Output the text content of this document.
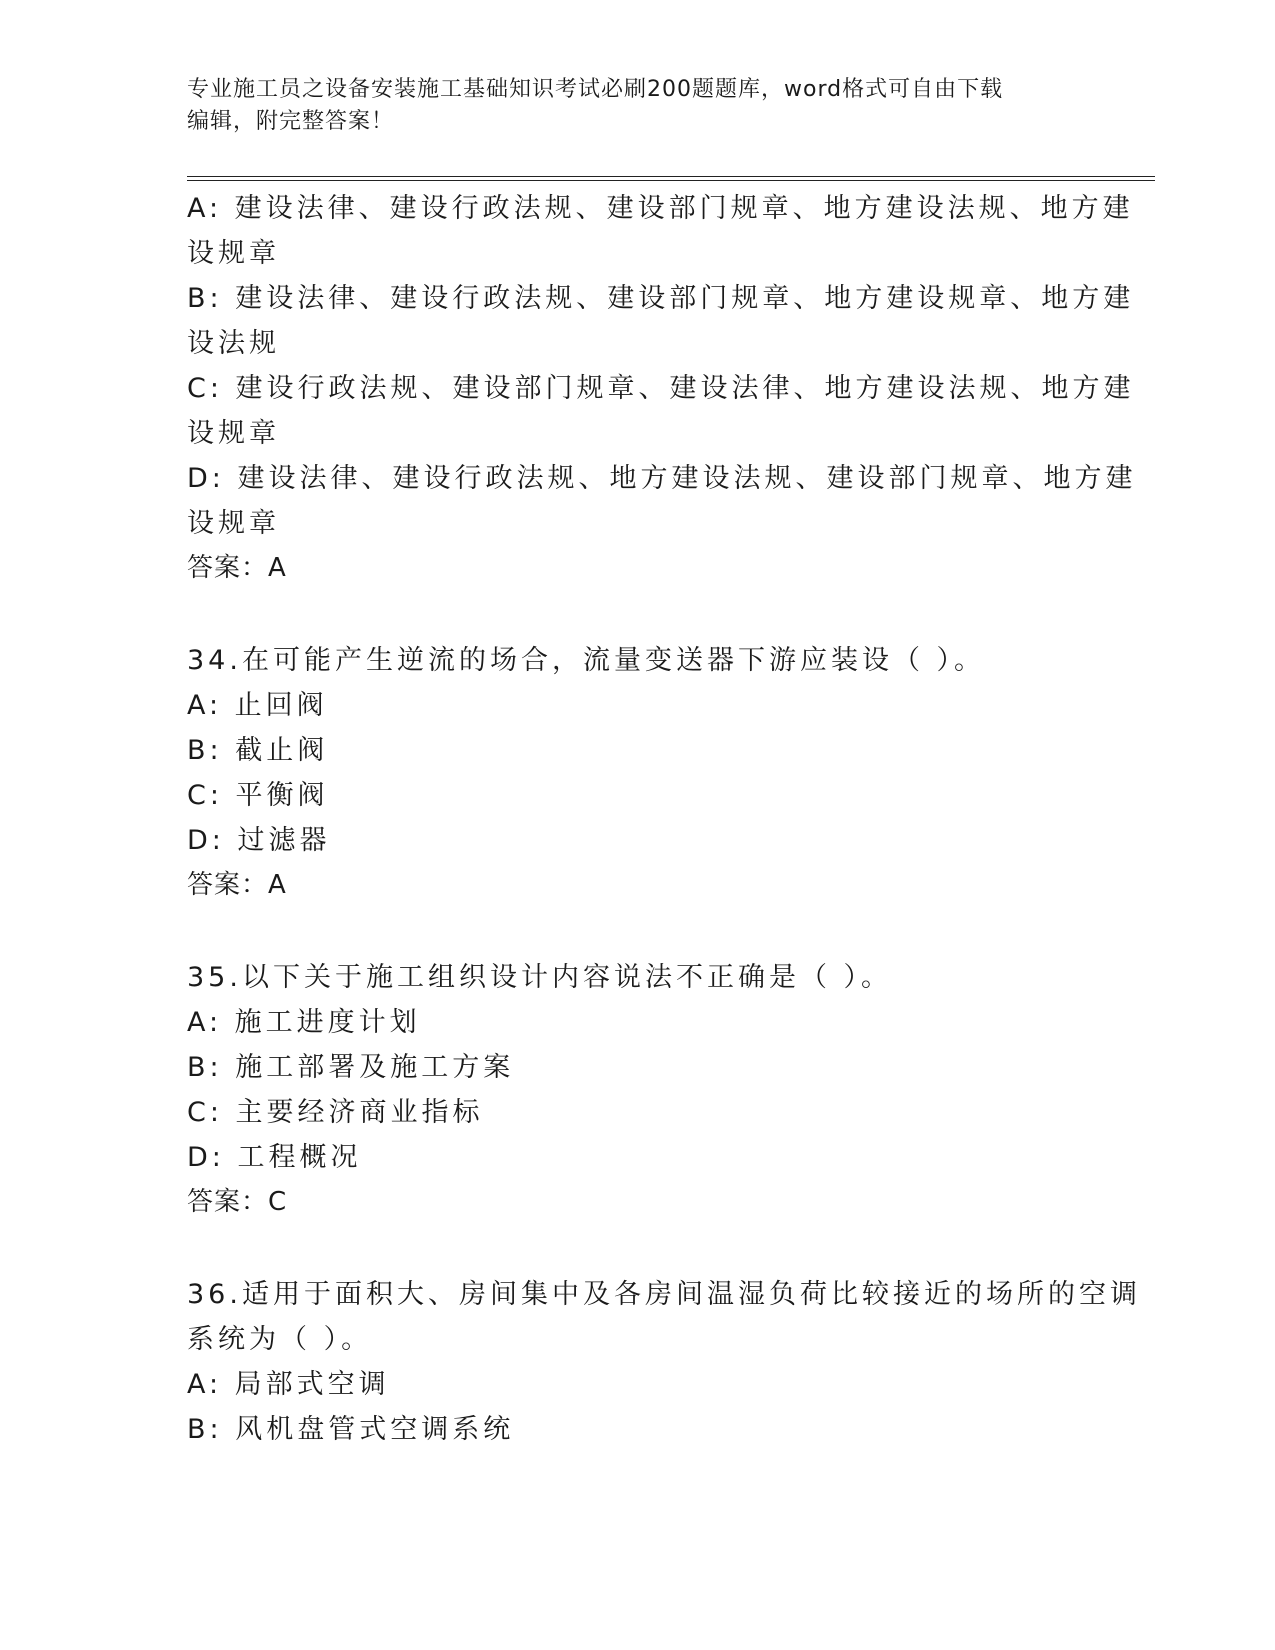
专业施工员之设备安装施工基础知识考试必刷200题题库，word格式可自由下载
编辑，附完整答案！
A: 建设法律、建设行政法规、建设部门规章、地方建设法规、地方建
设规章
B: 建设法律、建设行政法规、建设部门规章、地方建设规章、地方建
设法规
C: 建设行政法规、建设部门规章、建设法律、地方建设法规、地方建
设规章
D: 建设法律、建设行政法规、地方建设法规、建设部门规章、地方建
设规章
答案：A
34.在可能产生逆流的场合，流量变送器下游应装设（ ）。
A: 止回阀
B: 截止阀
C: 平衡阀
D: 过滤器
答案：A
35.以下关于施工组织设计内容说法不正确是（ ）。
A: 施工进度计划
B: 施工部署及施工方案
C: 主要经济商业指标
D: 工程概况
答案：C
36.适用于面积大、房间集中及各房间温湿负荷比较接近的场所的空调
系统为（ ）。
A: 局部式空调
B: 风机盘管式空调系统
